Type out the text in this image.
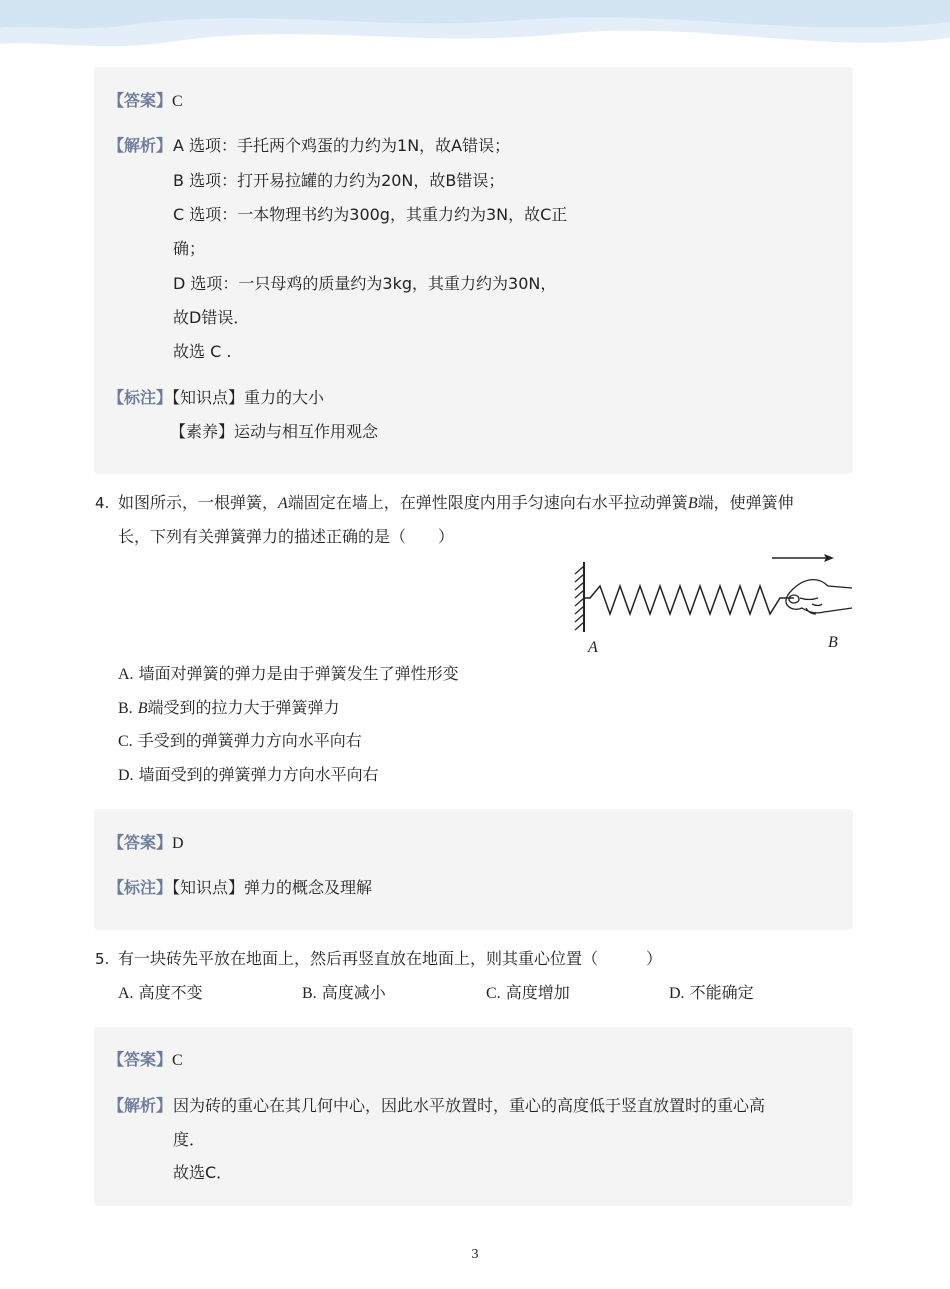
【答案】C
【解析】 A 选项：手托两个鸡蛋的力约为1N，故A错误；
B 选项：打开易拉罐的力约为20N，故B错误；
C 选项：一本物理书约为300g，其重力约为3N，故C正
确；
D 选项：一只母鸡的质量约为3kg，其重力约为30N，
故D错误．
故选 C .
【标注】【知识点】重力的大小
【素养】运动与相互作用观念
4. 如图所示，一根弹簧，A端固定在墙上，在弹性限度内用手匀速向右水平拉动弹簧B端，使弹簧伸
长，下列有关弹簧弹力的描述正确的是（　　）
A	B
A. 墙面对弹簧的弹力是由于弹簧发生了弹性形变
B. B端受到的拉力大于弹簧弹力
C. 手受到的弹簧弹力方向水平向右
D. 墙面受到的弹簧弹力方向水平向右
【答案】D
【标注】【知识点】弹力的概念及理解
5. 有一块砖先平放在地面上，然后再竖直放在地面上，则其重心位置（　　　）
A. 高度不变	B. 高度减小	C. 高度增加	D. 不能确定
【答案】C
【解析】 因为砖的重心在其几何中心，因此水平放置时，重心的高度低于竖直放置时的重心高
度．
故选C．
3
